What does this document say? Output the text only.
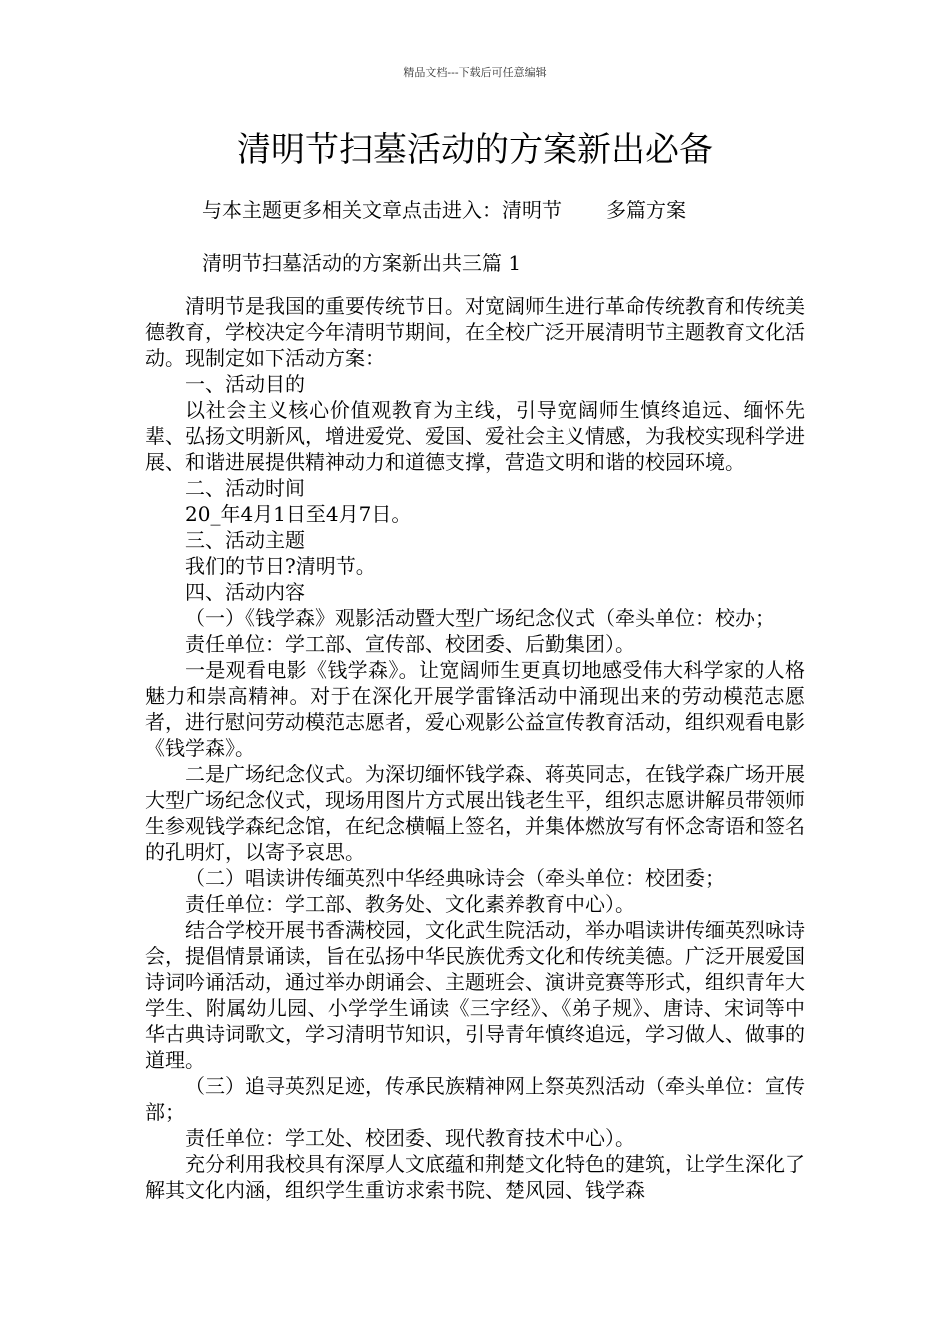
精品文档---下载后可任意编辑
清明节扫墓活动的方案新出必备
与本主题更多相关文章点击进入：清明节 多篇方案
清明节扫墓活动的方案新出共三篇 1

清明节是我国的重要传统节日。对宽阔师生进行革命传统教育和传统美德教育，学校决定今年清明节期间，在全校广泛开展清明节主题教育文化活动。现制定如下活动方案：

一、活动目的

以社会主义核心价值观教育为主线，引导宽阔师生慎终追远、缅怀先辈、弘扬文明新风，增进爱党、爱国、爱社会主义情感，为我校实现科学进展、和谐进展提供精神动力和道德支撑，营造文明和谐的校园环境。

二、活动时间

20_年4月1日至4月7日。

三、活动主题

我们的节日?清明节。

四、活动内容

（一）《钱学森》观影活动暨大型广场纪念仪式（牵头单位：校办；

责任单位：学工部、宣传部、校团委、后勤集团）。

一是观看电影《钱学森》。让宽阔师生更真切地感受伟大科学家的人格魅力和崇高精神。对于在深化开展学雷锋活动中涌现出来的劳动模范志愿者，进行慰问劳动模范志愿者，爱心观影公益宣传教育活动，组织观看电影《钱学森》。

二是广场纪念仪式。为深切缅怀钱学森、蒋英同志，在钱学森广场开展大型广场纪念仪式，现场用图片方式展出钱老生平，组织志愿讲解员带领师生参观钱学森纪念馆，在纪念横幅上签名，并集体燃放写有怀念寄语和签名的孔明灯，以寄予哀思。

（二）唱读讲传缅英烈中华经典咏诗会（牵头单位：校团委；

责任单位：学工部、教务处、文化素养教育中心）。

结合学校开展书香满校园，文化武生院活动，举办唱读讲传缅英烈咏诗会，提倡情景诵读，旨在弘扬中华民族优秀文化和传统美德。广泛开展爱国诗词吟诵活动，通过举办朗诵会、主题班会、演讲竞赛等形式，组织青年大学生、附属幼儿园、小学学生诵读《三字经》、《弟子规》、唐诗、宋词等中华古典诗词歌文，学习清明节知识，引导青年慎终追远，学习做人、做事的道理。

（三）追寻英烈足迹，传承民族精神网上祭英烈活动（牵头单位：宣传部；

责任单位：学工处、校团委、现代教育技术中心）。

充分利用我校具有深厚人文底蕴和荆楚文化特色的建筑，让学生深化了解其文化内涵，组织学生重访求索书院、楚风园、钱学森
